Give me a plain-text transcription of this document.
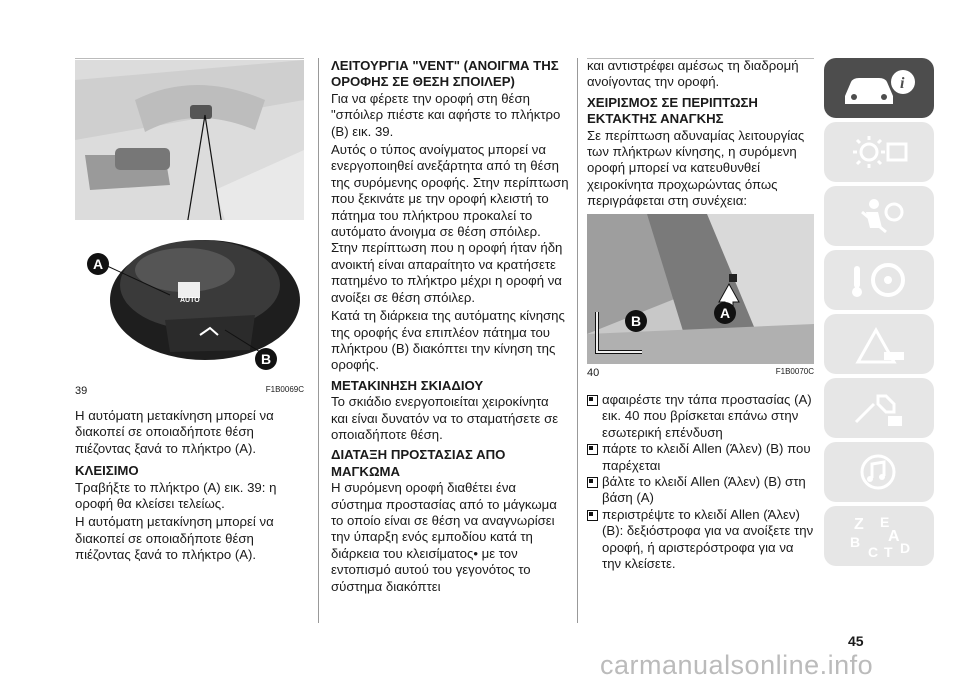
AUTO
A
B
39	F1B0069C

Η αυτόματη μετακίνηση μπορεί να διακοπεί σε οποιαδήποτε θέση πιέζοντας ξανά το πλήκτρο (A).

ΚΛΕΙΣΙΜΟ

Τραβήξτε το πλήκτρο (A) εικ. 39: η οροφή θα κλείσει τελείως.

Η αυτόματη μετακίνηση μπορεί να διακοπεί σε οποιαδήποτε θέση πιέζοντας ξανά το πλήκτρο (A).

ΛΕΙΤΟΥΡΓΙΑ "VENT" (ΑΝΟΙΓΜΑ ΤΗΣ ΟΡΟΦΗΣ ΣΕ ΘΕΣΗ ΣΠΟΙΛΕΡ)

Για να φέρετε την οροφή στη θέση "σπόιλερ πιέστε και αφήστε το πλήκτρο (B) εικ. 39.

Αυτός ο τύπος ανοίγματος μπορεί να ενεργοποιηθεί ανεξάρτητα από τη θέση της συρόμενης οροφής. Στην περίπτωση που ξεκινάτε με την οροφή κλειστή το πάτημα του πλήκτρου προκαλεί το αυτόματο άνοιγμα σε θέση σπόιλερ. Στην περίπτωση που η οροφή ήταν ήδη ανοικτή είναι απαραίτητο να κρατήσετε πατημένο το πλήκτρο μέχρι η οροφή να ανοίξει σε θέση σπόιλερ.

Κατά τη διάρκεια της αυτόματης κίνησης της οροφής ένα επιπλέον πάτημα του πλήκτρου (B) διακόπτει την κίνηση της οροφής.

ΜΕΤΑΚΙΝΗΣΗ ΣΚΙΑΔΙΟΥ

Το σκιάδιο ενεργοποιείται χειροκίνητα και είναι δυνατόν να το σταματήσετε σε οποιαδήποτε θέση.

ΔΙΑΤΑΞΗ ΠΡΟΣΤΑΣΙΑΣ ΑΠΟ ΜΑΓΚΩΜΑ

Η συρόμενη οροφή διαθέτει ένα σύστημα προστασίας από το μάγκωμα το οποίο είναι σε θέση να αναγνωρίσει την ύπαρξη ενός εμποδίου κατά τη διάρκεια του κλεισίματος• με τον εντοπισμό αυτού του γεγονότος το σύστημα διακόπτει

και αντιστρέφει αμέσως τη διαδρομή ανοίγοντας την οροφή.

ΧΕΙΡΙΣΜΟΣ ΣΕ ΠΕΡΙΠΤΩΣΗ ΕΚΤΑΚΤΗΣ ΑΝΑΓΚΗΣ

Σε περίπτωση αδυναμίας λειτουργίας των πλήκτρων κίνησης, η συρόμενη οροφή μπορεί να κατευθυνθεί χειροκίνητα προχωρώντας όπως περιγράφεται στη συνέχεια:

B	A
40	F1B0070C
αφαιρέστε την τάπα προστασίας (A) εικ. 40 που βρίσκεται επάνω στην εσωτερική επένδυση
πάρτε το κλειδί Allen (Άλεν) (B) που παρέχεται
βάλτε το κλειδί Allen (Άλεν) (B) στη βάση (A)
περιστρέψτε το κλειδί Allen (Άλεν) (B): δεξιόστροφα για να ανοίξετε την οροφή, ή αριστερόστροφα για να την κλείσετε.
i
Z E
A
B
C T D
45
carmanualsonline.info
